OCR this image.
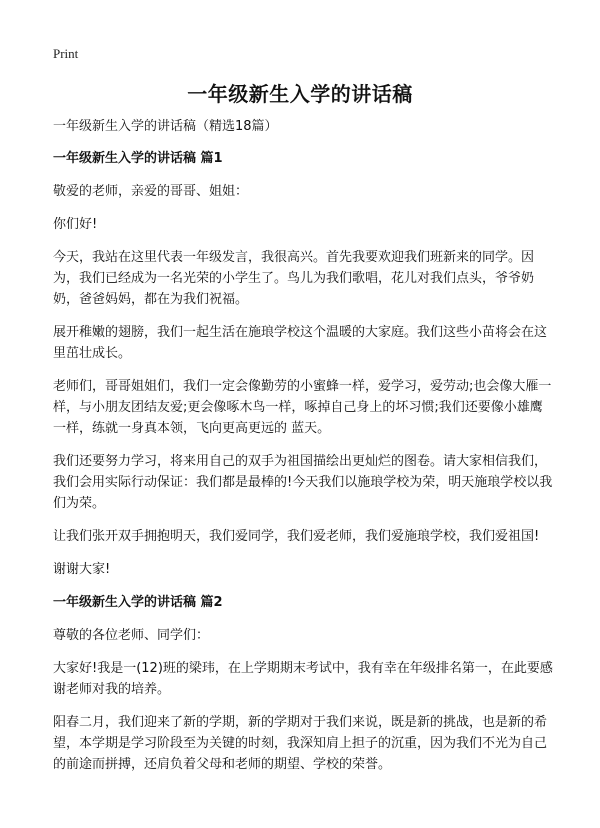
Print
一年级新生入学的讲话稿

一年级新生入学的讲话稿（精选18篇）

一年级新生入学的讲话稿 篇1

敬爱的老师，亲爱的哥哥、姐姐：

你们好!

今天，我站在这里代表一年级发言，我很高兴。首先我要欢迎我们班新来的同学。因为，我们已经成为一名光荣的小学生了。鸟儿为我们歌唱，花儿对我们点头，爷爷奶奶，爸爸妈妈，都在为我们祝福。

展开稚嫩的翅膀，我们一起生活在施琅学校这个温暖的大家庭。我们这些小苗将会在这里茁壮成长。

老师们，哥哥姐姐们，我们一定会像勤劳的小蜜蜂一样，爱学习，爱劳动;也会像大雁一样，与小朋友团结友爱;更会像啄木鸟一样，啄掉自己身上的坏习惯;我们还要像小雄鹰一样，练就一身真本领，飞向更高更远的 蓝天。

我们还要努力学习，将来用自己的双手为祖国描绘出更灿烂的图卷。请大家相信我们，我们会用实际行动保证：我们都是最棒的!今天我们以施琅学校为荣，明天施琅学校以我们为荣。

让我们张开双手拥抱明天，我们爱同学，我们爱老师，我们爱施琅学校，我们爱祖国!

谢谢大家!

一年级新生入学的讲话稿 篇2

尊敬的各位老师、同学们：

大家好!我是一(12)班的梁玮，在上学期期末考试中，我有幸在年级排名第一，在此要感谢老师对我的培养。

阳春二月，我们迎来了新的学期，新的学期对于我们来说，既是新的挑战，也是新的希望，本学期是学习阶段至为关键的时刻，我深知肩上担子的沉重，因为我们不光为自己的前途而拼搏，还肩负着父母和老师的期望、学校的荣誉。
